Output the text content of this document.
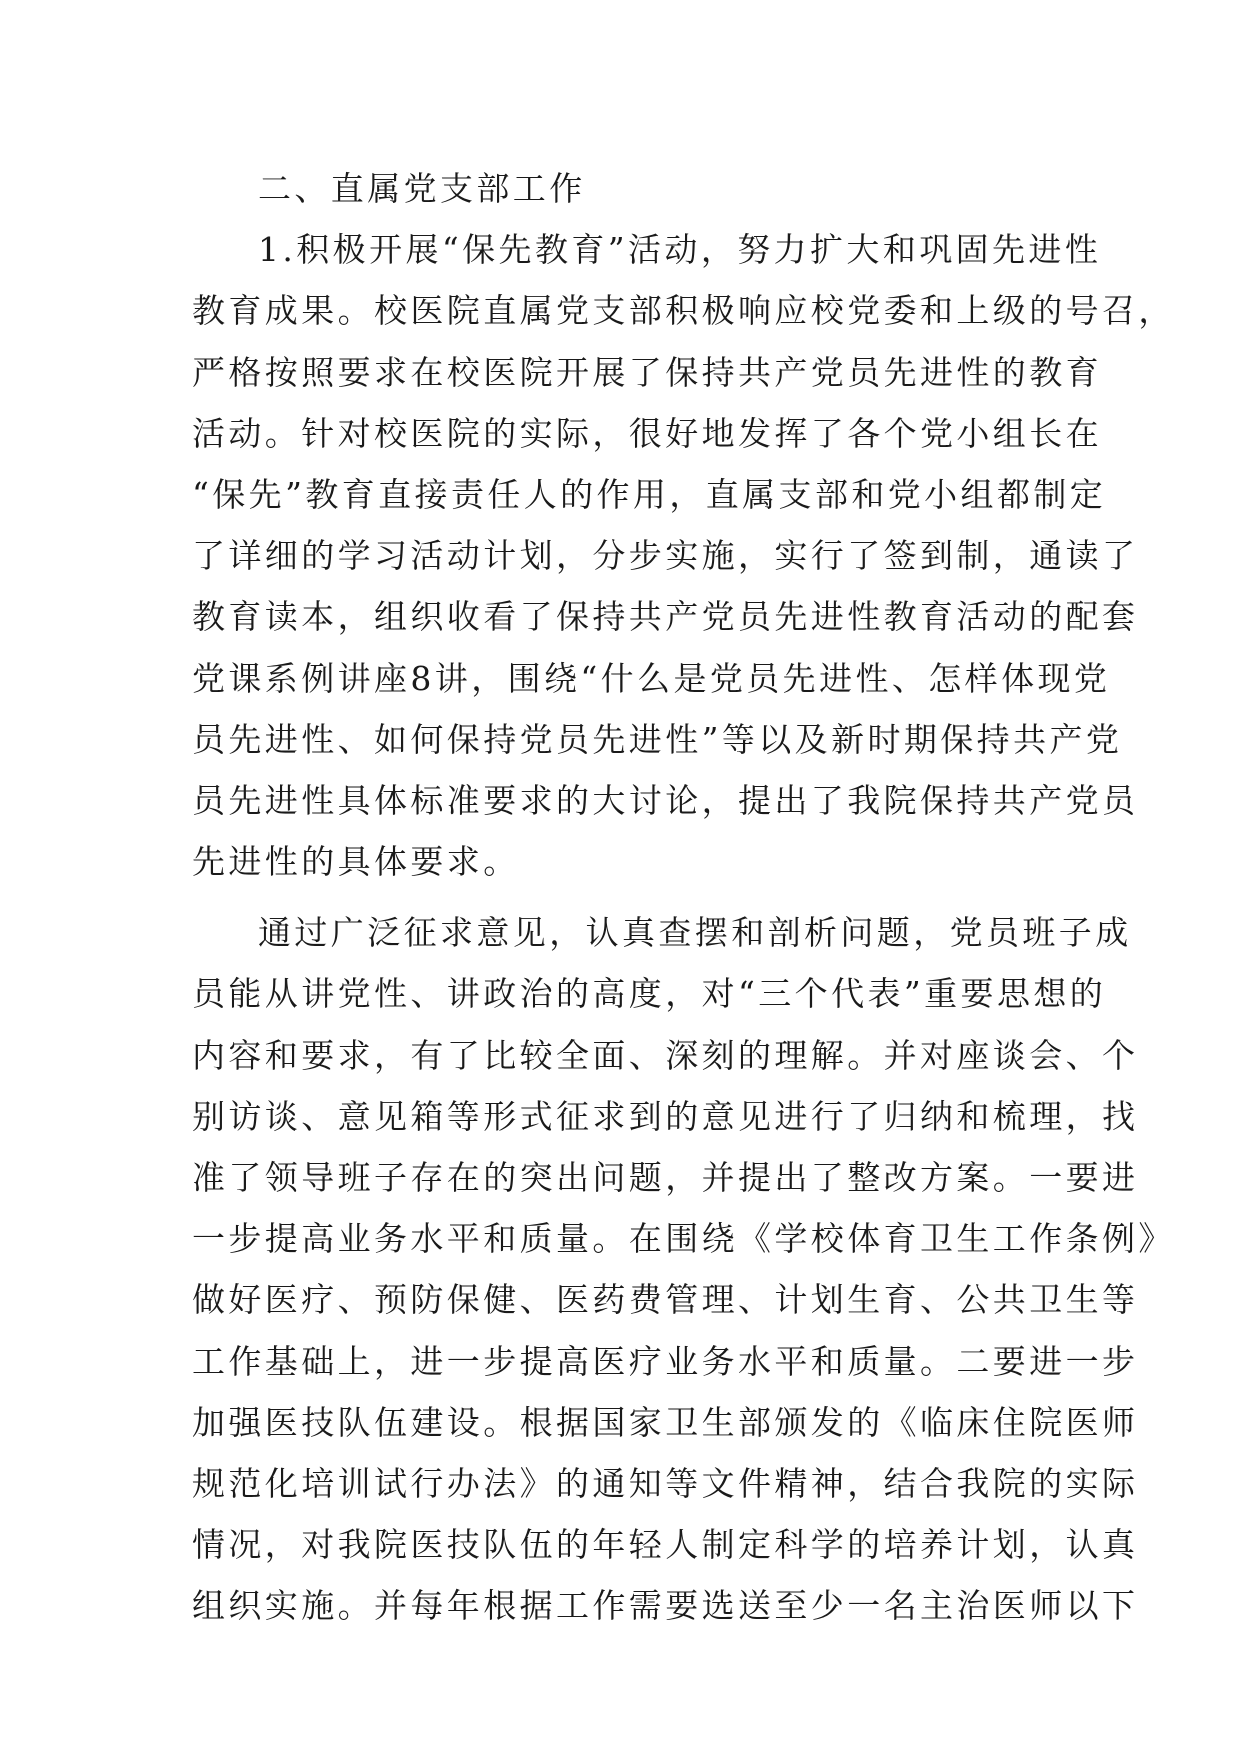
二、直属党支部工作
1.积极开展“保先教育”活动，努力扩大和巩固先进性
教育成果。校医院直属党支部积极响应校党委和上级的号召，
严格按照要求在校医院开展了保持共产党员先进性的教育
活动。针对校医院的实际，很好地发挥了各个党小组长在
“保先”教育直接责任人的作用，直属支部和党小组都制定
了详细的学习活动计划，分步实施，实行了签到制，通读了
教育读本，组织收看了保持共产党员先进性教育活动的配套
党课系例讲座8讲，围绕“什么是党员先进性、怎样体现党
员先进性、如何保持党员先进性”等以及新时期保持共产党
员先进性具体标准要求的大讨论，提出了我院保持共产党员
先进性的具体要求。
通过广泛征求意见，认真查摆和剖析问题，党员班子成
员能从讲党性、讲政治的高度，对“三个代表”重要思想的
内容和要求，有了比较全面、深刻的理解。并对座谈会、个
别访谈、意见箱等形式征求到的意见进行了归纳和梳理，找
准了领导班子存在的突出问题，并提出了整改方案。一要进
一步提高业务水平和质量。在围绕《学校体育卫生工作条例》
做好医疗、预防保健、医药费管理、计划生育、公共卫生等
工作基础上，进一步提高医疗业务水平和质量。二要进一步
加强医技队伍建设。根据国家卫生部颁发的《临床住院医师
规范化培训试行办法》的通知等文件精神，结合我院的实际
情况，对我院医技队伍的年轻人制定科学的培养计划，认真
组织实施。并每年根据工作需要选送至少一名主治医师以下
